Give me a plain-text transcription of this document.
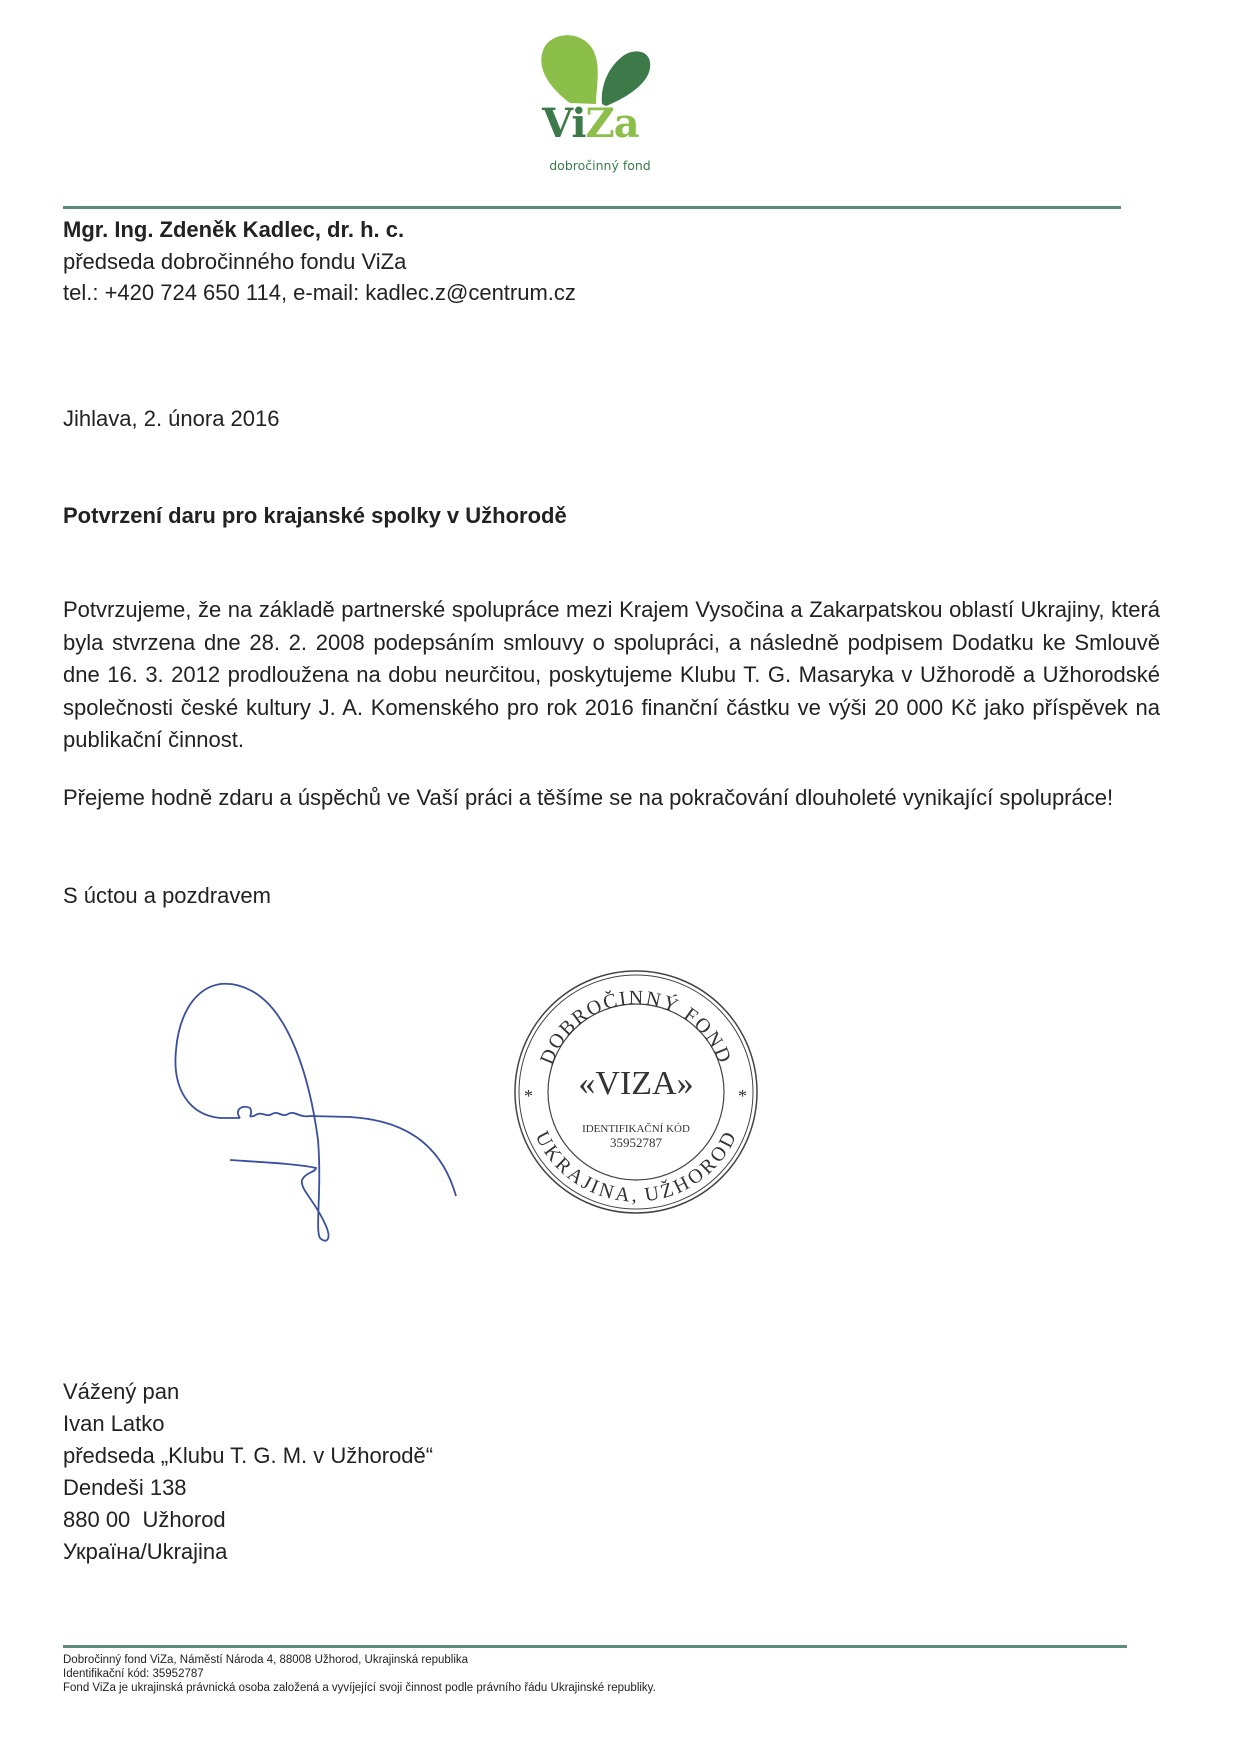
ViZa
dobročinný fond
Mgr. Ing. Zdeněk Kadlec, dr. h. c.
předseda dobročinného fondu ViZa
tel.: +420 724 650 114, e-mail: kadlec.z@centrum.cz
Jihlava, 2. února 2016
Potvrzení daru pro krajanské spolky v Užhorodě
Potvrzujeme, že na základě partnerské spolupráce mezi Krajem Vysočina a Zakarpatskou oblastí Ukrajiny, která byla stvrzena dne 28. 2. 2008 podepsáním smlouvy o spolupráci, a následně podpisem Dodatku ke Smlouvě dne 16. 3. 2012 prodloužena na dobu neurčitou, poskytujeme Klubu T. G. Masaryka v Užhorodě a Užhorodské společnosti české kultury J. A. Komenského pro rok 2016 finanční částku ve výši 20 000 Kč jako příspěvek na publikační činnost.
Přejeme hodně zdaru a úspěchů ve Vaší práci a těšíme se na pokračování dlouholeté vynikající spolupráce!
S úctou a pozdravem
DOBROČINNÝ FOND
UKRAJINA, UŽHOROD
*	*
«VIZA»
IDENTIFIKAČNÍ KÓD
35952787
Vážený pan
Ivan Latko
předseda „Klubu T. G. M. v Užhorodě“
Dendeši 138
880 00  Užhorod
Україна/Ukrajina
Dobročinný fond ViZa, Náměstí Národa 4, 88008 Užhorod, Ukrajinská republika
Identifikační kód: 35952787
Fond ViZa je ukrajinská právnická osoba založená a vyvíjející svoji činnost podle právního řádu Ukrajinské republiky.
